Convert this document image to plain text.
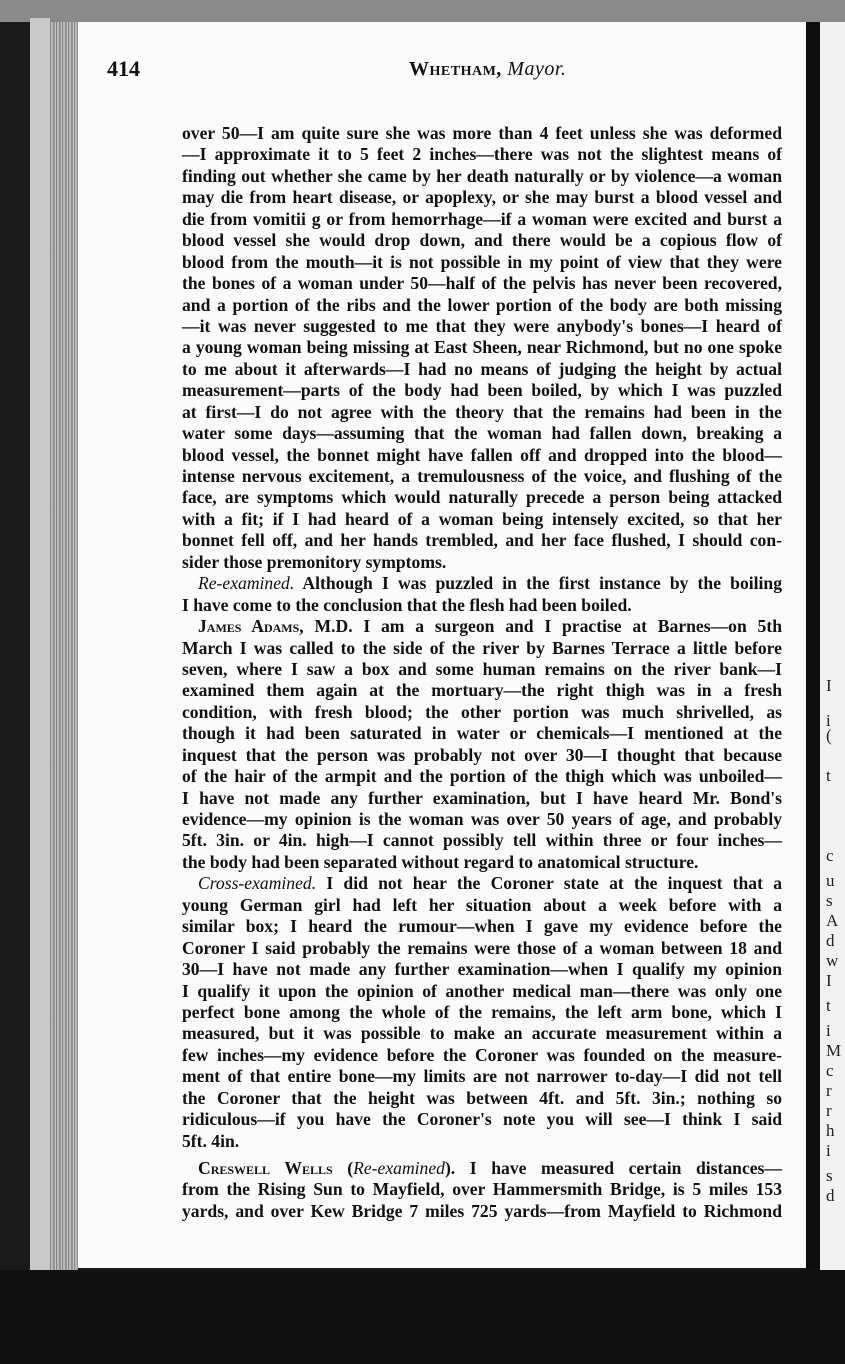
414	Whetham, Mayor.
over 50—I am quite sure she was more than 4 feet unless she was deformed
—I approximate it to 5 feet 2 inches—there was not the slightest means of
finding out whether she came by her death naturally or by violence—a woman
may die from heart disease, or apoplexy, or she may burst a blood vessel and
die from vomitii g or from hemorrhage—if a woman were excited and burst a
blood vessel she would drop down, and there would be a copious flow of
blood from the mouth—it is not possible in my point of view that they were
the bones of a woman under 50—half of the pelvis has never been recovered,
and a portion of the ribs and the lower portion of the body are both missing
—it was never suggested to me that they were anybody's bones—I heard of
a young woman being missing at East Sheen, near Richmond, but no one spoke
to me about it afterwards—I had no means of judging the height by actual
measurement—parts of the body had been boiled, by which I was puzzled
at first—I do not agree with the theory that the remains had been in the
water some days—assuming that the woman had fallen down, breaking a
blood vessel, the bonnet might have fallen off and dropped into the blood—
intense nervous excitement, a tremulousness of the voice, and flushing of the
face, are symptoms which would naturally precede a person being attacked
with a fit; if I had heard of a woman being intensely excited, so that her
bonnet fell off, and her hands trembled, and her face flushed, I should con-
sider those premonitory symptoms.
Re-examined. Although I was puzzled in the first instance by the boiling
I have come to the conclusion that the flesh had been boiled.
James Adams, M.D. I am a surgeon and I practise at Barnes—on 5th
March I was called to the side of the river by Barnes Terrace a little before
seven, where I saw a box and some human remains on the river bank—I
examined them again at the mortuary—the right thigh was in a fresh
condition, with fresh blood; the other portion was much shrivelled, as
though it had been saturated in water or chemicals—I mentioned at the
inquest that the person was probably not over 30—I thought that because
of the hair of the armpit and the portion of the thigh which was unboiled—
I have not made any further examination, but I have heard Mr. Bond's
evidence—my opinion is the woman was over 50 years of age, and probably
5ft. 3in. or 4in. high—I cannot possibly tell within three or four inches—
the body had been separated without regard to anatomical structure.
Cross-examined. I did not hear the Coroner state at the inquest that a
young German girl had left her situation about a week before with a
similar box; I heard the rumour—when I gave my evidence before the
Coroner I said probably the remains were those of a woman between 18 and
30—I have not made any further examination—when I qualify my opinion
I qualify it upon the opinion of another medical man—there was only one
perfect bone among the whole of the remains, the left arm bone, which I
measured, but it was possible to make an accurate measurement within a
few inches—my evidence before the Coroner was founded on the measure-
ment of that entire bone—my limits are not narrower to-day—I did not tell
the Coroner that the height was between 4ft. and 5ft. 3in.; nothing so
ridiculous—if you have the Coroner's note you will see—I think I said
5ft. 4in.
Creswell Wells (Re-examined). I have measured certain distances—
from the Rising Sun to Mayfield, over Hammersmith Bridge, is 5 miles 153
yards, and over Kew Bridge 7 miles 725 yards—from Mayfield to Richmond
I
i
(
t
c
u
s
A
d
w
I
t
i
M
c
r
r
h
i
s
d
